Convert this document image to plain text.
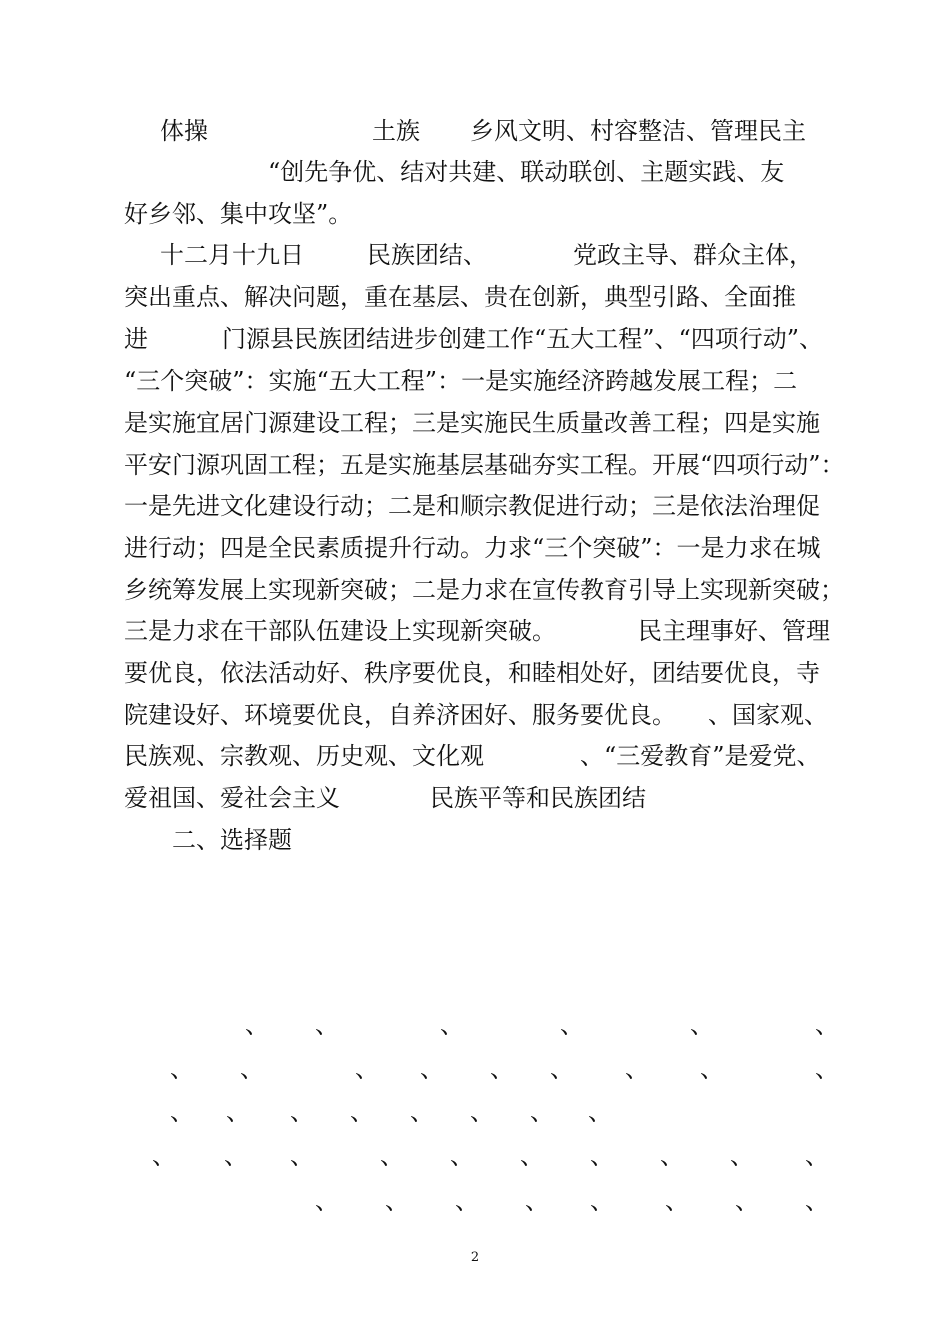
体操	土族 乡风文明、村容整洁、管理民主
“创先争优、结对共建、联动联创、主题实践、友
好乡邻、集中攻坚”。
十二月十九日	民族团结、	党政主导、群众主体，
突出重点、解决问题，重在基层、贵在创新，典型引路、全面推
进	门源县民族团结进步创建工作“五大工程”、“四项行动”、
“三个突破”：实施“五大工程”：一是实施经济跨越发展工程；二
是实施宜居门源建设工程；三是实施民生质量改善工程；四是实施
平安门源巩固工程；五是实施基层基础夯实工程。开展“四项行动”：
一是先进文化建设行动；二是和顺宗教促进行动；三是依法治理促
进行动；四是全民素质提升行动。力求“三个突破”：一是力求在城
乡统筹发展上实现新突破；二是力求在宣传教育引导上实现新突破；
三是力求在干部队伍建设上实现新突破。	民主理事好、管理
要优良，依法活动好、秩序要优良，和睦相处好，团结要优良，寺
院建设好、环境要优良，自养济困好、服务要优良。 、国家观、
民族观、宗教观、历史观、文化观	、“三爱教育”是爱党、
爱祖国、爱社会主义	民族平等和民族团结
二、选择题
、 、	、	、	、	、
、 、	、 、 、 、 、 、	、
、 、 、 、 、 、 、 、
、 、 、	、 、 、 、 、 、 、
、 、 、 、 、 、 、 、
2
